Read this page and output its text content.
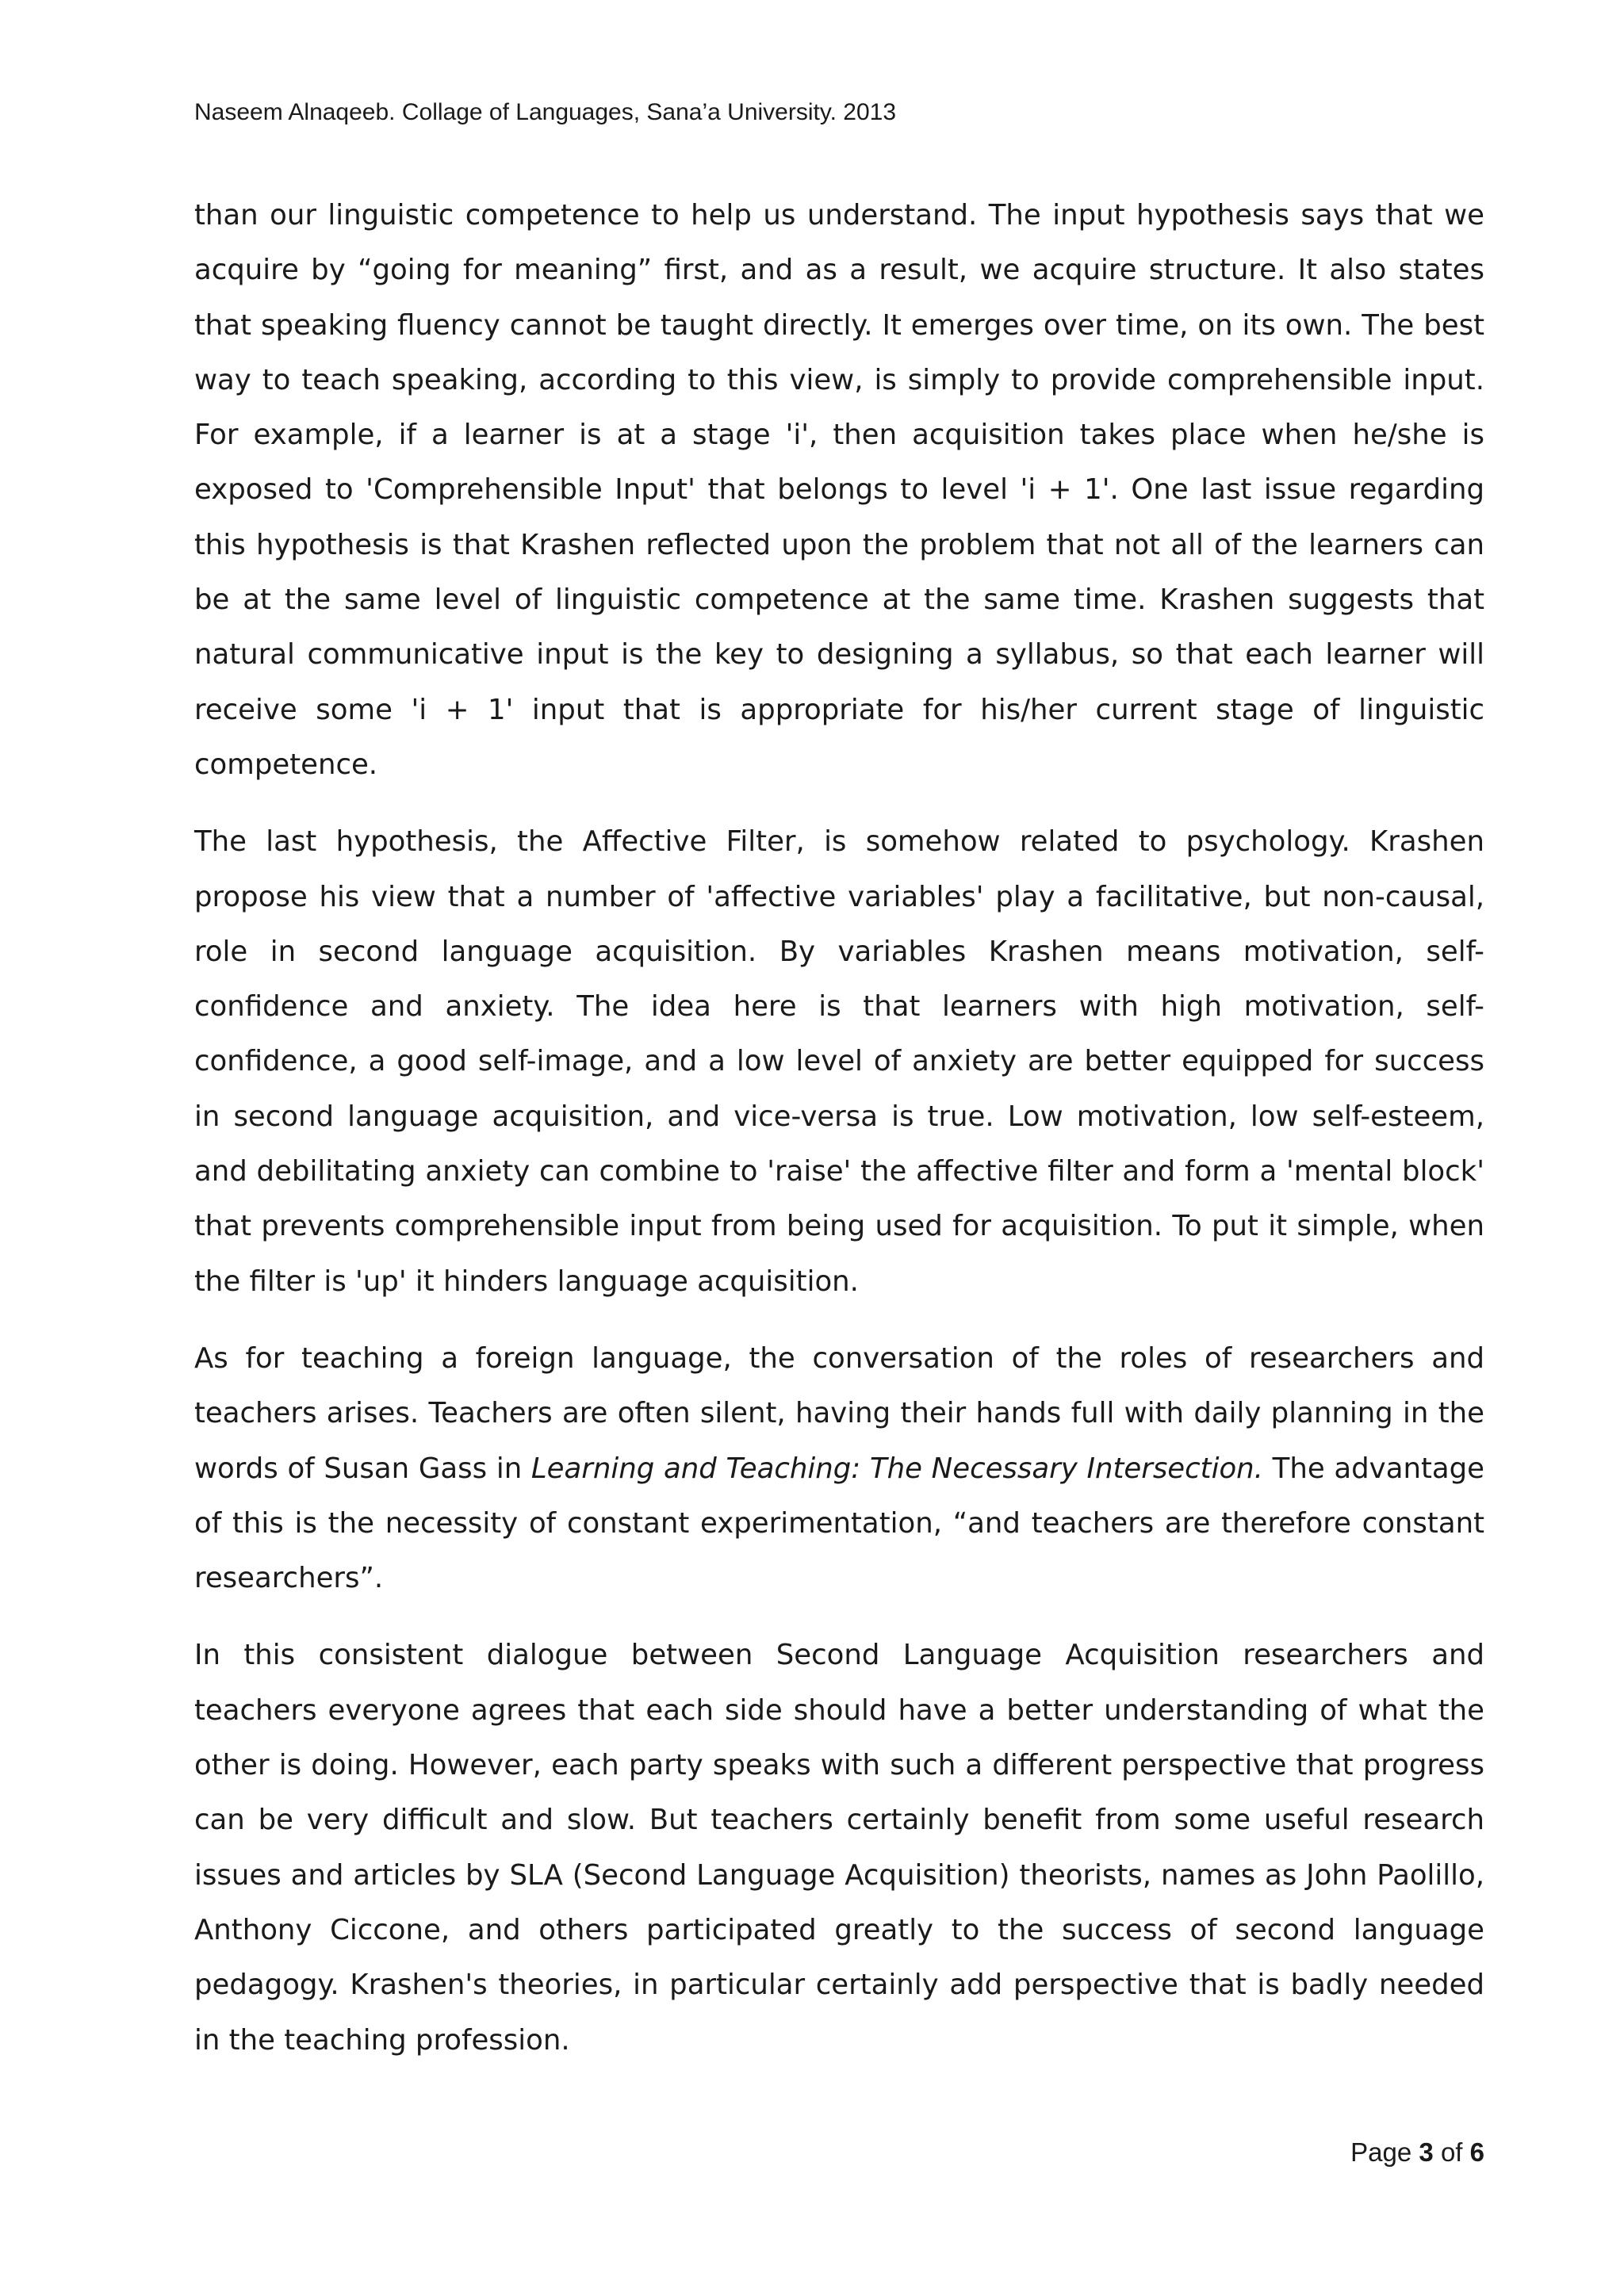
Naseem Alnaqeeb. Collage of Languages, Sana’a University. 2013

than our linguistic competence to help us understand. The input hypothesis says that we acquire by “going for meaning” first, and as a result, we acquire structure. It also states that speaking fluency cannot be taught directly. It emerges over time, on its own. The best way to teach speaking, according to this view, is simply to provide comprehensible input. For example, if a learner is at a stage 'i', then acquisition takes place when he/she is exposed to 'Comprehensible Input' that belongs to level 'i + 1'. One last issue regarding this hypothesis is that Krashen reflected upon the problem that not all of the learners can be at the same level of linguistic competence at the same time. Krashen suggests that natural communicative input is the key to designing a syllabus, so that each learner will receive some 'i + 1' input that is appropriate for his/her current stage of linguistic competence.

The last hypothesis, the Affective Filter, is somehow related to psychology. Krashen propose his view that a number of 'affective variables' play a facilitative, but non-causal, role in second language acquisition. By variables Krashen means motivation, self-confidence and anxiety. The idea here is that learners with high motivation, self-confidence, a good self-image, and a low level of anxiety are better equipped for success in second language acquisition, and vice-versa is true. Low motivation, low self-esteem, and debilitating anxiety can combine to 'raise' the affective filter and form a 'mental block' that prevents comprehensible input from being used for acquisition. To put it simple, when the filter is 'up' it hinders language acquisition.

As for teaching a foreign language, the conversation of the roles of researchers and teachers arises. Teachers are often silent, having their hands full with daily planning in the words of Susan Gass in Learning and Teaching: The Necessary Intersection. The advantage of this is the necessity of constant experimentation, “and teachers are therefore constant researchers”.

In this consistent dialogue between Second Language Acquisition researchers and teachers everyone agrees that each side should have a better understanding of what the other is doing. However, each party speaks with such a different perspective that progress can be very difficult and slow. But teachers certainly benefit from some useful research issues and articles by SLA (Second Language Acquisition) theorists, names as John Paolillo, Anthony Ciccone, and others participated greatly to the success of second language pedagogy. Krashen's theories, in particular certainly add perspective that is badly needed in the teaching profession.

Page 3 of 6
